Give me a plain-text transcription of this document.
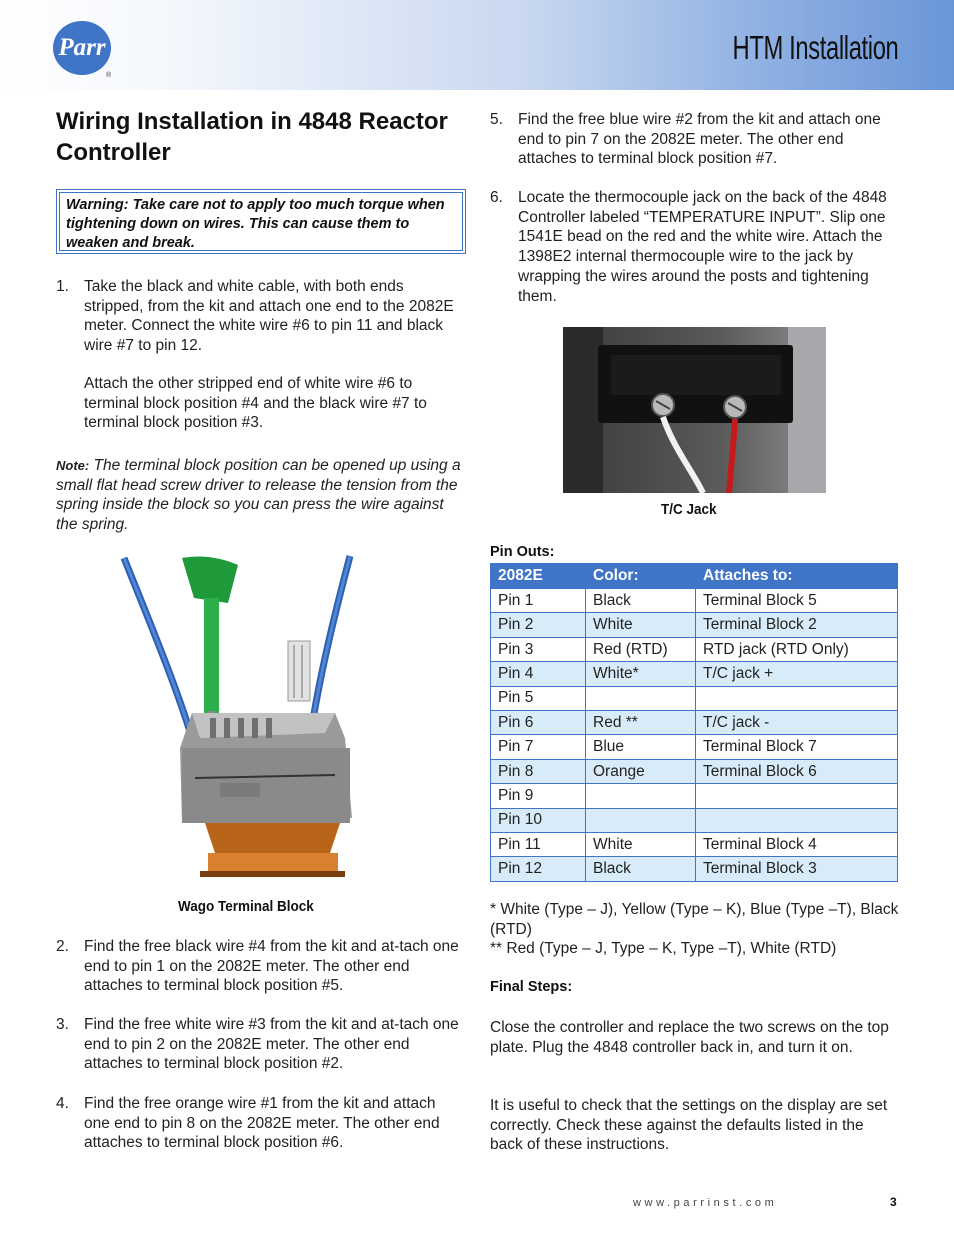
Parr
®
HTM Installation
Wiring Installation in 4848 Reactor Controller
Warning: Take care not to apply too much torque when tightening down on wires. This can cause them to weaken and break.
1. Take the black and white cable, with both ends stripped, from the kit and attach one end to the 2082E meter. Connect the white wire #6 to pin 11 and black wire #7 to pin 12.
Attach the other stripped end of white wire #6 to terminal block position #4 and the black wire #7 to terminal block position #3.
Note: The terminal block position can be opened up using a small flat head screw driver to release the tension from the spring inside the block so you can press the wire against the spring.
Wago Terminal Block
2. Find the free black wire #4 from the kit and at-tach one end to pin 1 on the 2082E meter. The other end attaches to terminal block position #5.
3. Find the free white wire #3 from the kit and at-tach one end to pin 2 on the 2082E meter. The other end attaches to terminal block position #2.
4. Find the free orange wire #1 from the kit and attach one end to pin 8 on the 2082E meter. The other end attaches to terminal block position #6.
5. Find the free blue wire #2 from the kit and attach one end to pin 7 on the 2082E meter. The other end attaches to terminal block position #7.
6. Locate the thermocouple jack on the back of the 4848 Controller labeled “TEMPERATURE INPUT”. Slip one 1541E bead on the red and the white wire. Attach the 1398E2 internal thermocouple wire to the jack by wrapping the wires around the posts and tightening them.
T/C Jack
Pin Outs:
2082E	Color:	Attaches to:
Pin 1	Black	Terminal Block 5
Pin 2	White	Terminal Block 2
Pin 3	Red (RTD)	RTD jack (RTD Only)
Pin 4	White*	T/C jack +
Pin 5		
Pin 6	Red **	T/C jack -
Pin 7	Blue	Terminal Block 7
Pin 8	Orange	Terminal Block 6
Pin 9		
Pin 10		
Pin 11	White	Terminal Block 4
Pin 12	Black	Terminal Block 3
* White (Type – J), Yellow (Type – K), Blue (Type –T), Black (RTD)
** Red (Type – J, Type – K, Type –T), White (RTD)
Final Steps:
Close the controller and replace the two screws on the top plate. Plug the 4848 controller back in, and turn it on.
It is useful to check that the settings on the display are set correctly. Check these against the defaults listed in the back of these instructions.
www.parrinst.com	3
